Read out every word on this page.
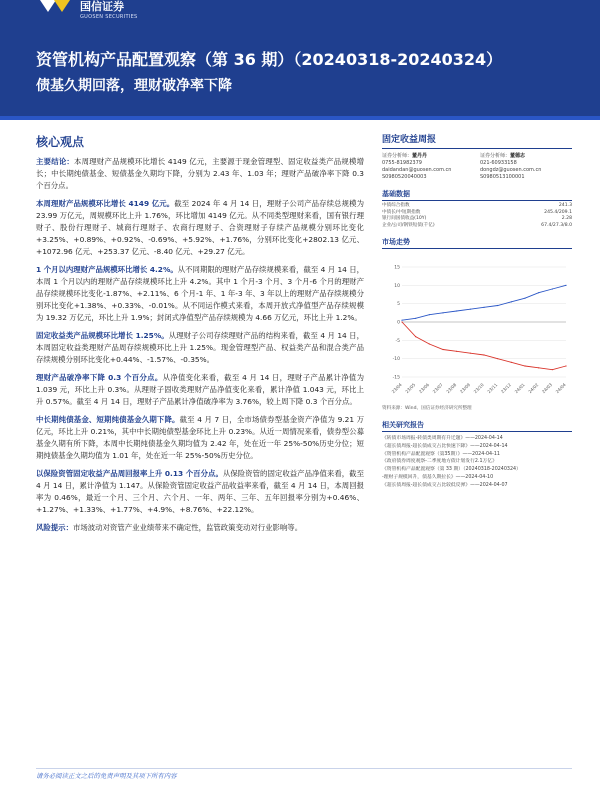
国信证券
GUOSEN SECURITIES
资管机构产品配置观察（第 36 期）（20240318-20240324）
债基久期回落，理财破净率下降
核心观点
主要结论：本周理财产品规模环比增长 4149 亿元，主要源于现金管理型、固定收益类产品规模增长；中长期纯债基金、短债基金久期均下降，分别为 2.43 年、1.03 年；理财产品破净率下降 0.3 个百分点。
本周理财产品规模环比增长 4149 亿元。截至 2024 年 4 月 14 日，理财子公司产品存续总规模为 23.99 万亿元，周规模环比上升 1.76%，环比增加 4149 亿元。从不同类型理财来看，国有银行理财子、股份行理财子、城商行理财子、农商行理财子、合资理财子存续产品规模分别环比变化+3.25%、+0.89%、+0.92%、-0.69%、+5.92%、+1.76%，分别环比变化+2802.13 亿元、+1072.96 亿元、+253.37 亿元、-8.40 亿元、+29.27 亿元。
1 个月以内理财产品规模环比增长 4.2%。从不同期限的理财产品存续规模来看，截至 4 月 14 日，本周 1 个月以内的理财产品存续规模环比上升 4.2%。其中 1 个月-3 个月、3 个月-6 个月的理财产品存续规模环比变化-1.87%、+2.11%、6 个月-1 年、1 年-3 年、3 年以上的理财产品存续规模分别环比变化+1.38%、+0.33%、-0.01%。从不同运作模式来看，本周开放式净值型产品存续规模为 19.32 万亿元，环比上升 1.9%；封闭式净值型产品存续规模为 4.66 万亿元，环比上升 1.2%。
固定收益类产品规模环比增长 1.25%。从理财子公司存续理财产品的结构来看，截至 4 月 14 日，本周固定收益类理财产品周存续规模环比上升 1.25%。现金管理型产品、权益类产品和混合类产品存续规模分别环比变化+0.44%、-1.57%、-0.35%。
理财产品破净率下降 0.3 个百分点。从净值变化来看，截至 4 月 14 日，理财子产品累计净值为 1.039 元，环比上升 0.3%。从理财子固收类理财产品净值变化来看，累计净值 1.043 元，环比上升 0.57%。截至 4 月 14 日，理财子产品累计净值破净率为 3.76%，较上周下降 0.3 个百分点。
中长期纯债基金、短期纯债基金久期下降。截至 4 月 7 日，全市场债券型基金资产净值为 9.21 万亿元，环比上升 0.21%，其中中长期纯债型基金环比上升 0.23%。从近一周情况来看，债券型公募基金久期有所下降，本周中长期纯债基金久期均值为 2.42 年，处在近一年 25%-50%历史分位；短期纯债基金久期均值为 1.01 年，处在近一年 25%-50%历史分位。
以保险资管固定收益产品周回报率上升 0.13 个百分点。从保险资管的固定收益产品净值来看，截至 4 月 14 日，累计净值为 1.147。从保险资管固定收益产品收益率来看，截至 4 月 14 日，本周回报率为 0.46%，最近一个月、三个月、六个月、一年、两年、三年、五年回报率分别为+0.46%、+1.27%、+1.33%、+1.77%、+4.9%、+8.76%、+22.12%。
风险提示：市场波动对资管产业业绩带来不确定性，监管政策变动对行业影响等。
固定收益周报
证券分析师：董丹丹
0755-81982379
daidandan@guosen.com.cn
S0980520040003
证券分析师：董德志
021-60933158
dongdz@guosen.com.cn
S0980513100001
基础数据
中债综合指数	241.3
中债长/中短期指数	245.4/209.1
银行间国债收益(10Y)	2.28
企业/公司/钢铁短债(千亿)	67.4/27.3/8.0
市场走势
-15
-10
-5
0
5
10
15
23/04 23/05 23/06 23/07 23/08 23/09 23/10 23/11 23/12 24/01 24/02 24/03 24/04
资料来源：Wind、国信证券经济研究所整理
相关研究报告
《转债市场周报-转债类周期有升迁题》——2024-04-14
《超长债周报-超长债成交占比快速下降》——2024-04-14
《资管机构产品配置观察（第35期）》——2024-04-11
《政府债券周度观察-二季度地方债计划发行2.1万亿》
《资管机构产品配置观察（第 33 期）（20240318-20240324）
-理财子规模回升，债基久期拉长》——2024-04-10
《超长债周报-超长债成交占比较低反弹》——2024-04-07
请务必阅读正文之后的免责声明及其项下所有内容
